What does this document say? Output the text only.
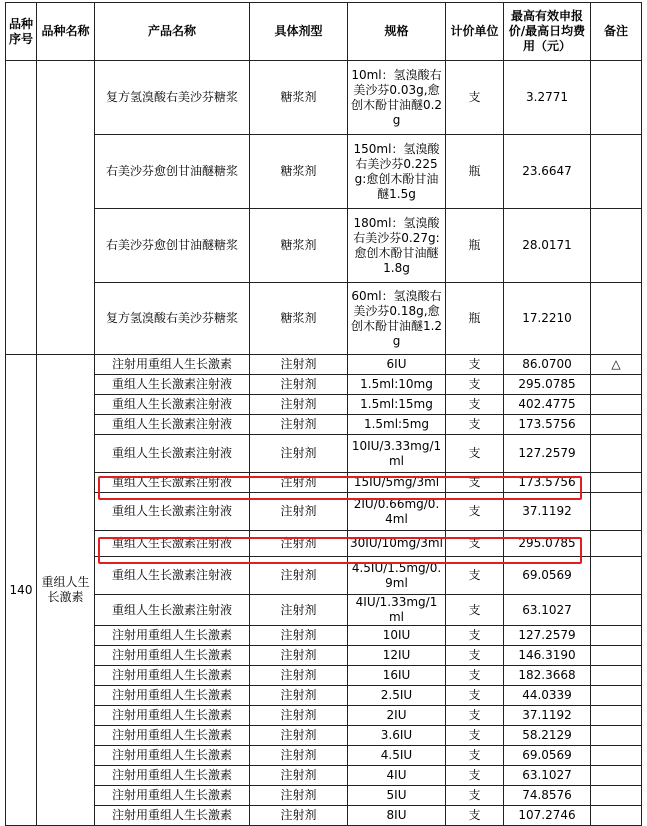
品种序号	品种名称	产品名称	具体剂型	规格	计价单位	最高有效申报价/最高日均费用（元）	备注
		复方氢溴酸右美沙芬糖浆	糖浆剂	10ml：氢溴酸右美沙芬0.03g,愈创木酚甘油醚0.2g	支	3.2771	
		右美沙芬愈创甘油醚糖浆	糖浆剂	150ml：氢溴酸右美沙芬0.225g:愈创木酚甘油醚1.5g	瓶	23.6647	
		右美沙芬愈创甘油醚糖浆	糖浆剂	180ml：氢溴酸右美沙芬0.27g:愈创木酚甘油醚1.8g	瓶	28.0171	
		复方氢溴酸右美沙芬糖浆	糖浆剂	60ml：氢溴酸右美沙芬0.18g,愈创木酚甘油醚1.2g	瓶	17.2210	
140	重组人生长激素	注射用重组人生长激素	注射剂	6IU	支	86.0700	△
		重组人生长激素注射液	注射剂	1.5ml:10mg	支	295.0785	
		重组人生长激素注射液	注射剂	1.5ml:15mg	支	402.4775	
		重组人生长激素注射液	注射剂	1.5ml:5mg	支	173.5756	
		重组人生长激素注射液	注射剂	10IU/3.33mg/1ml	支	127.2579	
		重组人生长激素注射液	注射剂	15IU/5mg/3ml	支	173.5756	
		重组人生长激素注射液	注射剂	2IU/0.66mg/0.4ml	支	37.1192	
		重组人生长激素注射液	注射剂	30IU/10mg/3ml	支	295.0785	
		重组人生长激素注射液	注射剂	4.5IU/1.5mg/0.9ml	支	69.0569	
		重组人生长激素注射液	注射剂	4IU/1.33mg/1ml	支	63.1027	
		注射用重组人生长激素	注射剂	10IU	支	127.2579	
		注射用重组人生长激素	注射剂	12IU	支	146.3190	
		注射用重组人生长激素	注射剂	16IU	支	182.3668	
		注射用重组人生长激素	注射剂	2.5IU	支	44.0339	
		注射用重组人生长激素	注射剂	2IU	支	37.1192	
		注射用重组人生长激素	注射剂	3.6IU	支	58.2129	
		注射用重组人生长激素	注射剂	4.5IU	支	69.0569	
		注射用重组人生长激素	注射剂	4IU	支	63.1027	
		注射用重组人生长激素	注射剂	5IU	支	74.8576	
		注射用重组人生长激素	注射剂	8IU	支	107.2746	
